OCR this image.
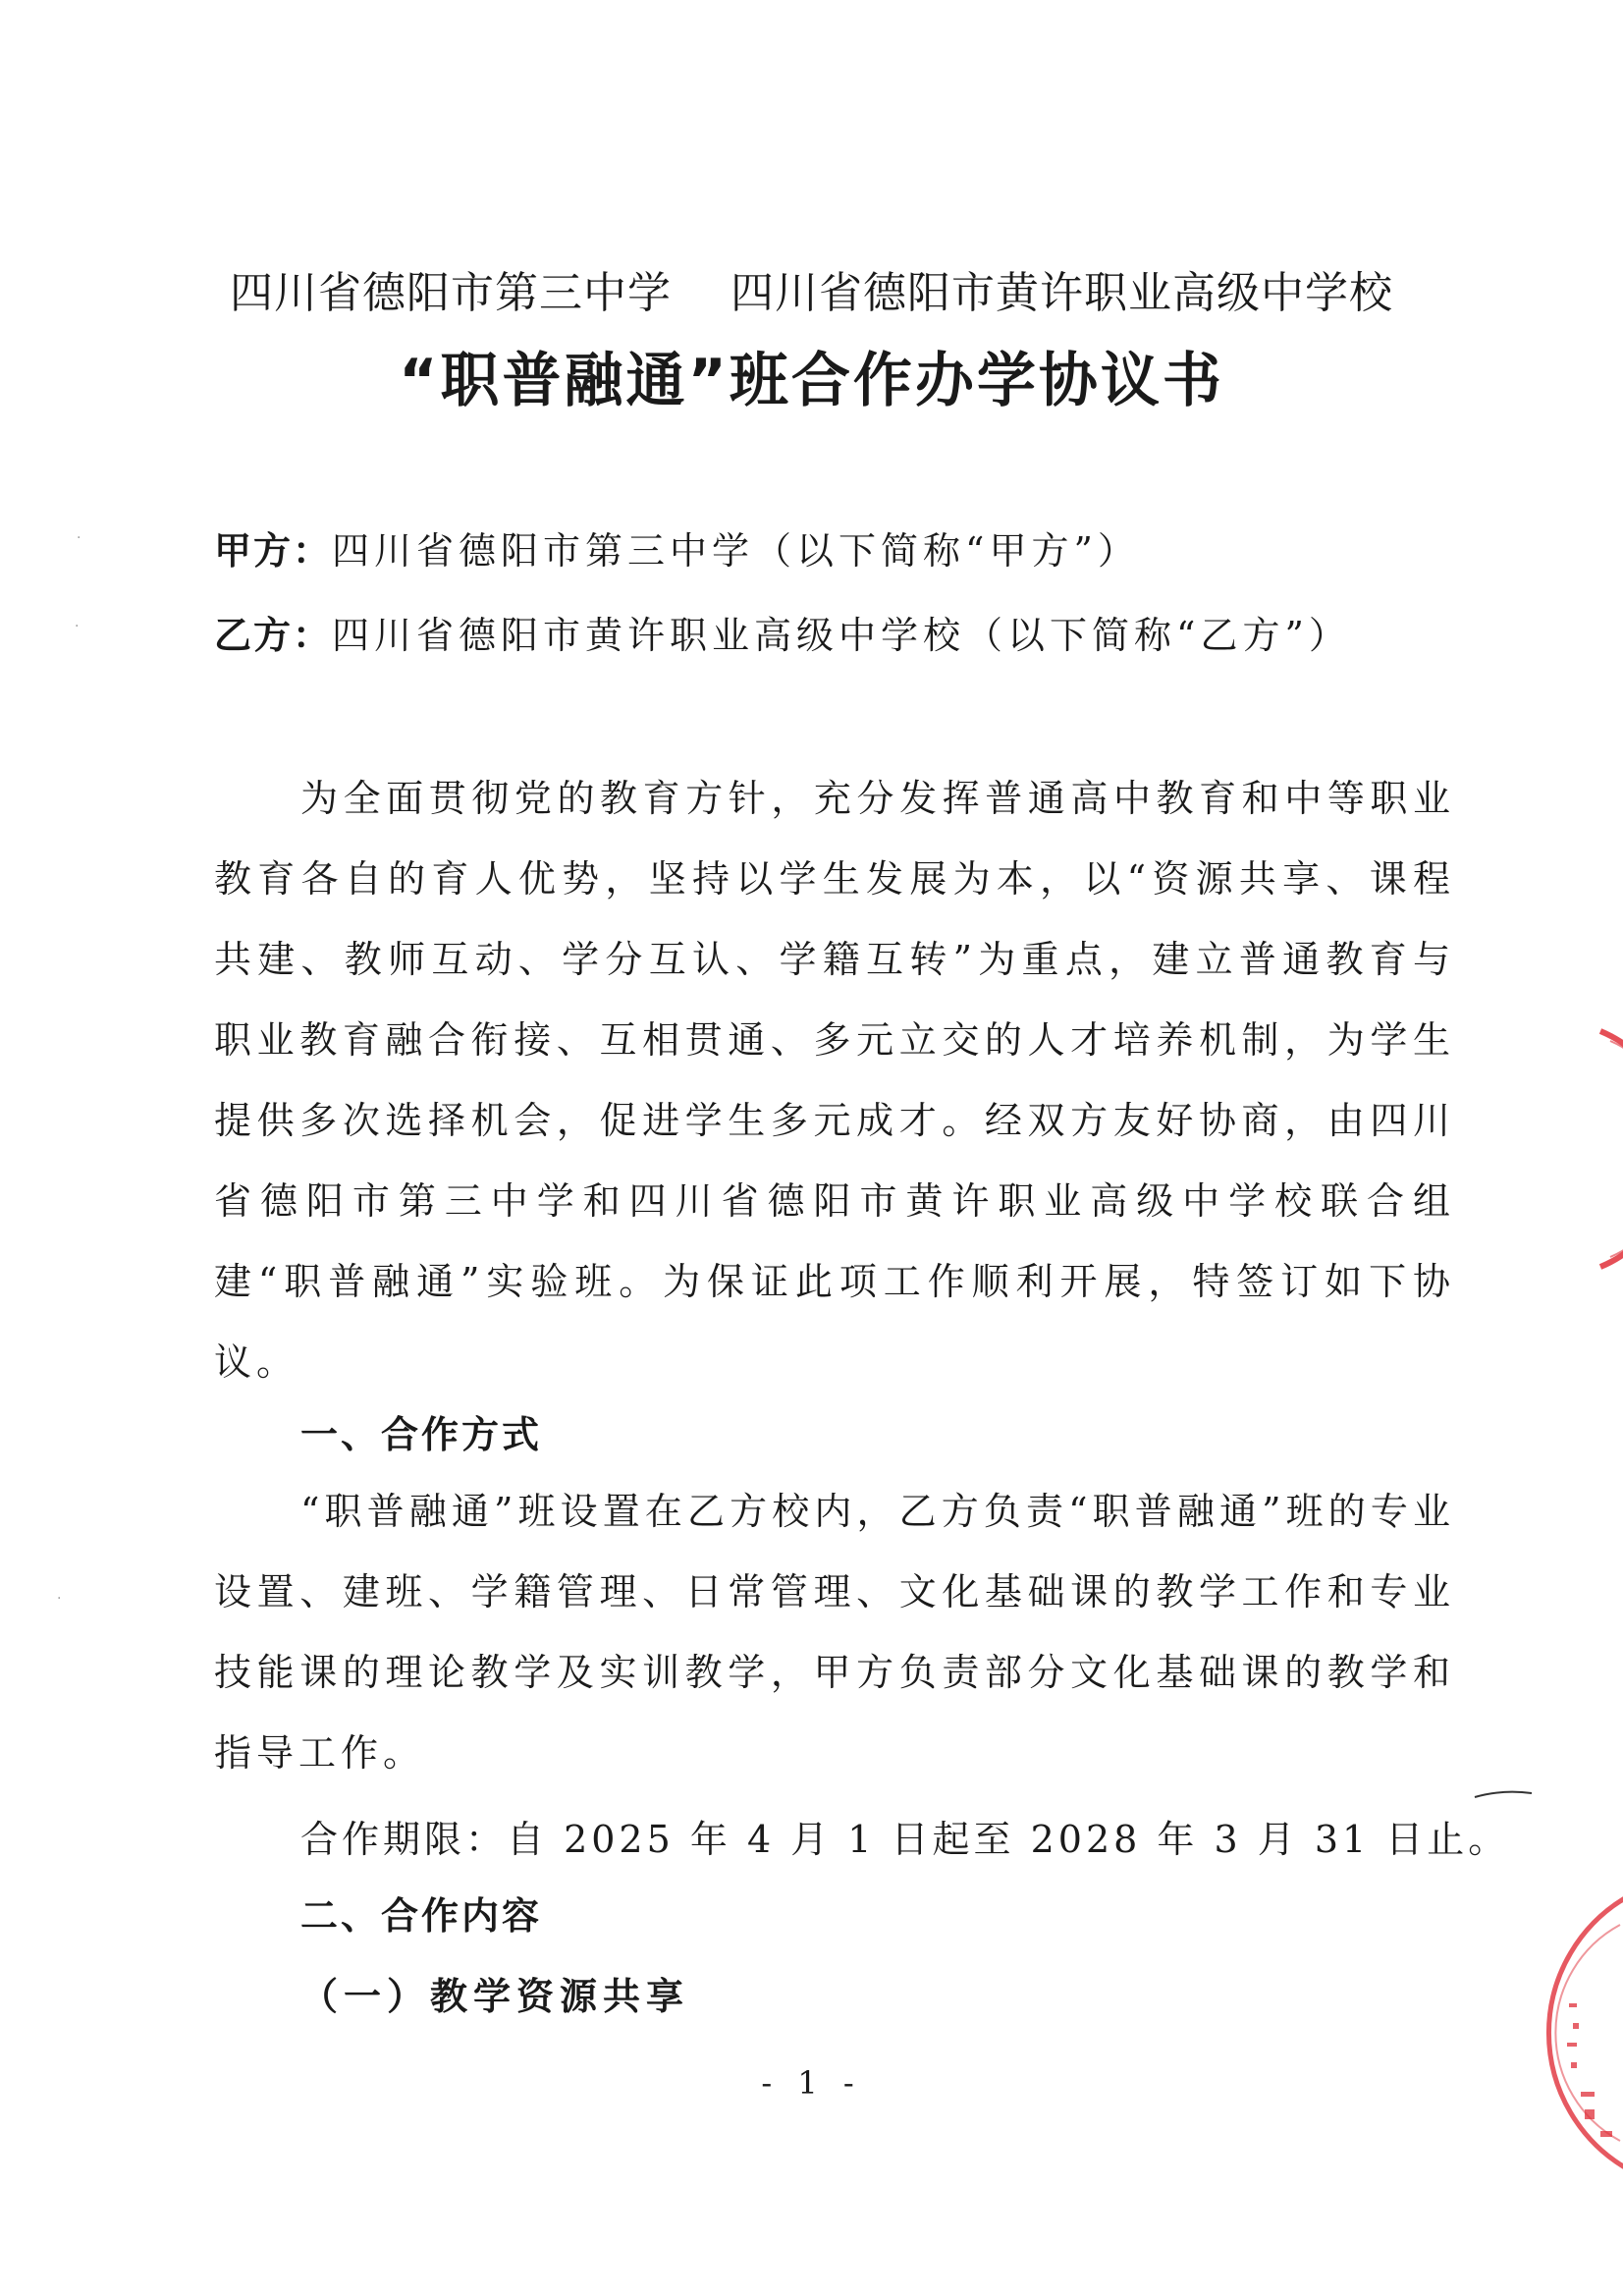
四川省德阳市第三中学    四川省德阳市黄许职业高级中学校
“职普融通”班合作办学协议书
甲方：四川省德阳市第三中学（以下简称“甲方”）
乙方：四川省德阳市黄许职业高级中学校（以下简称“乙方”）
为全面贯彻党的教育方针，充分发挥普通高中教育和中等职业教育各自的育人优势，坚持以学生发展为本，以“资源共享、课程共建、教师互动、学分互认、学籍互转”为重点，建立普通教育与职业教育融合衔接、互相贯通、多元立交的人才培养机制，为学生提供多次选择机会，促进学生多元成才。经双方友好协商，由四川省德阳市第三中学和四川省德阳市黄许职业高级中学校联合组建“职普融通”实验班。为保证此项工作顺利开展，特签订如下协议。
一、合作方式
“职普融通”班设置在乙方校内，乙方负责“职普融通”班的专业设置、建班、学籍管理、日常管理、文化基础课的教学工作和专业技能课的理论教学及实训教学，甲方负责部分文化基础课的教学和指导工作。
合作期限：自 2025 年 4 月 1 日起至 2028 年 3 月 31 日止。
二、合作内容
（一）教学资源共享
- 1 -
·
·
·
